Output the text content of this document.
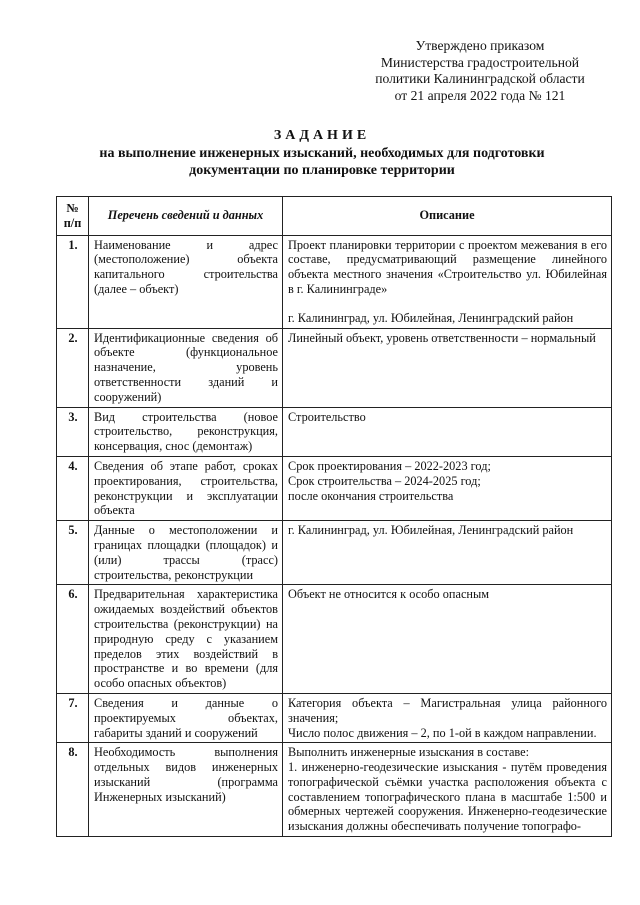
Утверждено приказом
Министерства градостроительной
политики Калининградской области
от 21 апреля 2022 года № 121
ЗАДАНИЕ
на выполнение инженерных изысканий, необходимых для подготовки
документации по планировке территории
№
п/п	Перечень сведений и данных	Описание
1.	Наименование и адрес (местоположение) объекта капитального строительства (далее – объект)	Проект планировки территории с проектом межевания в его составе, предусматривающий размещение линейного объекта местного значения «Строительство ул. Юбилейная в г. Калининграде»
г. Калининград, ул. Юбилейная, Ленинградский район

2.	Идентификационные сведения об объекте (функциональное назначение, уровень ответственности зданий и сооружений)	Линейный объект, уровень ответственности – нормальный

3.	Вид строительства (новое строительство, реконструкция, консервация, снос (демонтаж)	Строительство

4.	Сведения об этапе работ, сроках проектирования, строительства, реконструкции и эксплуатации объекта	Срок проектирования – 2022-2023 год;
Срок строительства – 2024-2025 год;
после окончания строительства

5.	Данные о местоположении и границах площадки (площадок) и (или) трассы (трасс) строительства, реконструкции	г. Калининград, ул. Юбилейная, Ленинградский район

6.	Предварительная характеристика ожидаемых воздействий объектов строительства (реконструкции) на природную среду с указанием пределов этих воздействий в пространстве и во времени (для особо опасных объектов)	Объект не относится к особо опасным

7.	Сведения и данные о проектируемых объектах, габариты зданий и сооружений	Категория объекта – Магистральная улица районного значения;
Число полос движения – 2, по 1-ой в каждом направлении.

8.	Необходимость выполнения отдельных видов инженерных изысканий (программа Инженерных изысканий)	Выполнить инженерные изыскания в составе:
1. инженерно-геодезические изыскания - путём проведения топографической съёмки участка расположения объекта с составлением топографического плана в масштабе 1:500 и обмерных чертежей сооружения. Инженерно-геодезические изыскания должны обеспечивать получение топографо-
